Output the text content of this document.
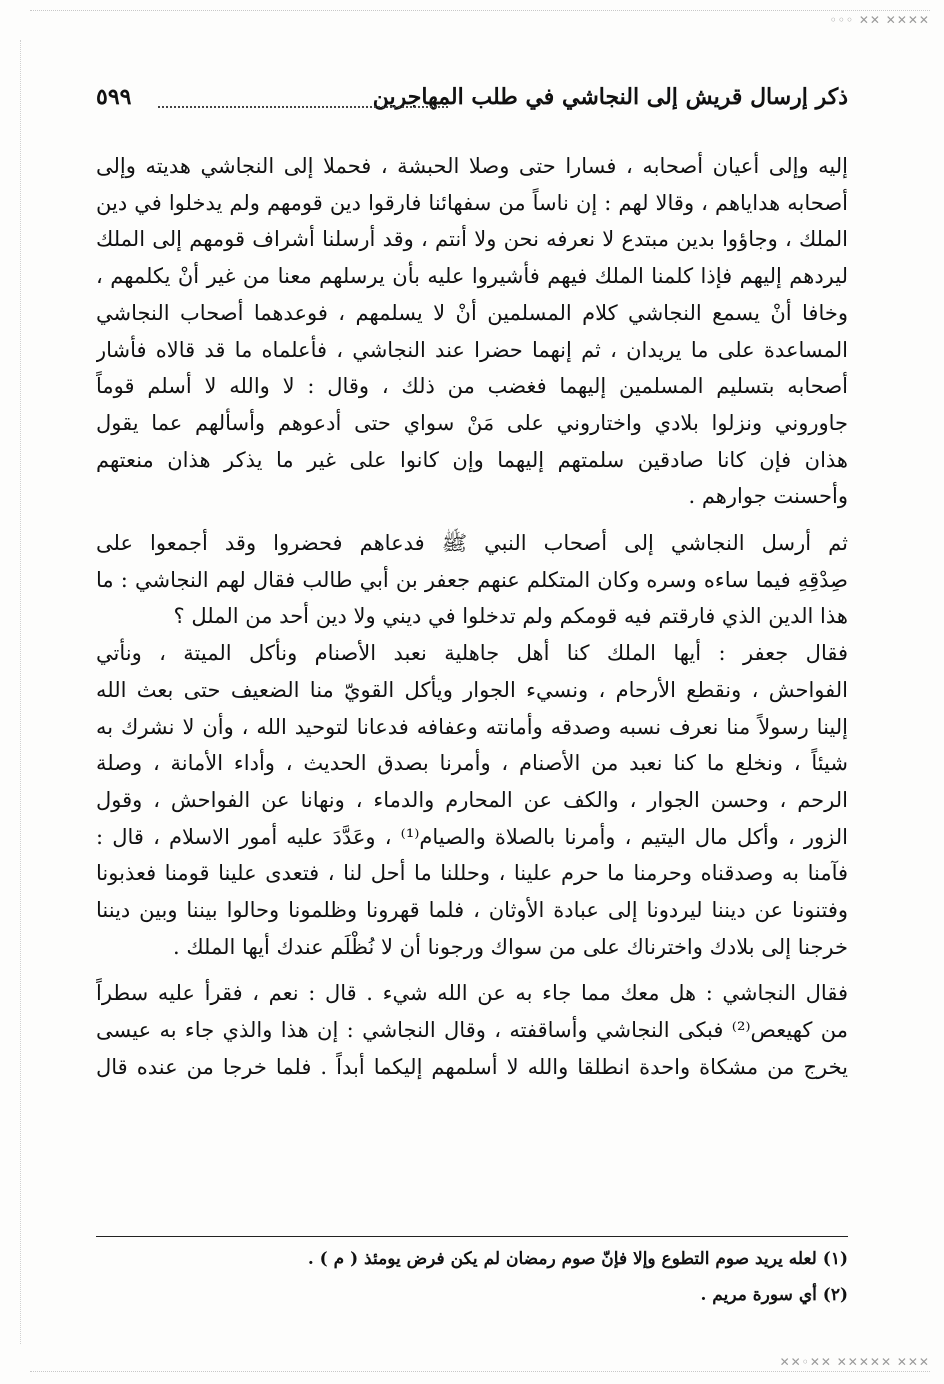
◦◦◦ ✕✕ ✕✕✕✕
ذكر إرسال قريش إلى النجاشي في طلب المهاجرين
٥٩٩
إليه وإلى أعيان أصحابه ، فسارا حتى وصلا الحبشة ، فحملا إلى النجاشي هديته وإلى
أصحابه هداياهم ، وقالا لهم : إن ناساً من سفهائنا فارقوا دين قومهم ولم يدخلوا في دين
الملك ، وجاؤوا بدين مبتدع لا نعرفه نحن ولا أنتم ، وقد أرسلنا أشراف قومهم إلى الملك
ليردهم إليهم فإذا كلمنا الملك فيهم فأشيروا عليه بأن يرسلهم معنا من غير أنْ يكلمهم ،
وخافا أنْ يسمع النجاشي كلام المسلمين أنْ لا يسلمهم ، فوعدهما أصحاب النجاشي
المساعدة على ما يريدان ، ثم إنهما حضرا عند النجاشي ، فأعلماه ما قد قالاه فأشار
أصحابه بتسليم المسلمين إليهما فغضب من ذلك ، وقال : لا والله لا أسلم قوماً
جاوروني ونزلوا بلادي واختاروني على مَنْ سواي حتى أدعوهم وأسألهم عما يقول
هذان فإن كانا صادقين سلمتهم إليهما وإن كانوا على غير ما يذكر هذان منعتهم
وأحسنت جوارهم .
ثم أرسل النجاشي إلى أصحاب النبي ﷺ فدعاهم فحضروا وقد أجمعوا على
صِدْقِهِ فيما ساءه وسره وكان المتكلم عنهم جعفر بن أبي طالب فقال لهم النجاشي : ما
هذا الدين الذي فارقتم فيه قومكم ولم تدخلوا في ديني ولا دين أحد من الملل ؟
فقال جعفر : أيها الملك كنا أهل جاهلية نعبد الأصنام ونأكل الميتة ، ونأتي
الفواحش ، ونقطع الأرحام ، ونسيء الجوار ويأكل القويّ منا الضعيف حتى بعث الله
إلينا رسولاً منا نعرف نسبه وصدقه وأمانته وعفافه فدعانا لتوحيد الله ، وأن لا نشرك به
شيئاً ، ونخلع ما كنا نعبد من الأصنام ، وأمرنا بصدق الحديث ، وأداء الأمانة ، وصلة
الرحم ، وحسن الجوار ، والكف عن المحارم والدماء ، ونهانا عن الفواحش ، وقول
الزور ، وأكل مال اليتيم ، وأمرنا بالصلاة والصيام⁽¹⁾ ، وعَدَّدَ عليه أمور الاسلام ، قال :
فآمنا به وصدقناه وحرمنا ما حرم علينا ، وحللنا ما أحل لنا ، فتعدى علينا قومنا فعذبونا
وفتنونا عن ديننا ليردونا إلى عبادة الأوثان ، فلما قهرونا وظلمونا وحالوا بيننا وبين ديننا
خرجنا إلى بلادك واخترناك على من سواك ورجونا أن لا نُظْلَم عندك أيها الملك .
فقال النجاشي : هل معك مما جاء به عن الله شيء . قال : نعم ، فقرأ عليه سطراً
من كهيعص⁽²⁾ فبكى النجاشي وأساقفته ، وقال النجاشي : إن هذا والذي جاء به عيسى
يخرج من مشكاة واحدة انطلقا والله لا أسلمهم إليكما أبداً . فلما خرجا من عنده قال
(١) لعله يريد صوم التطوع وإلا فإنّ صوم رمضان لم يكن فرض يومئذ ( م ) .
(٢) أي سورة مريم .
✕✕◦✕✕ ✕✕✕✕✕ ✕✕✕
